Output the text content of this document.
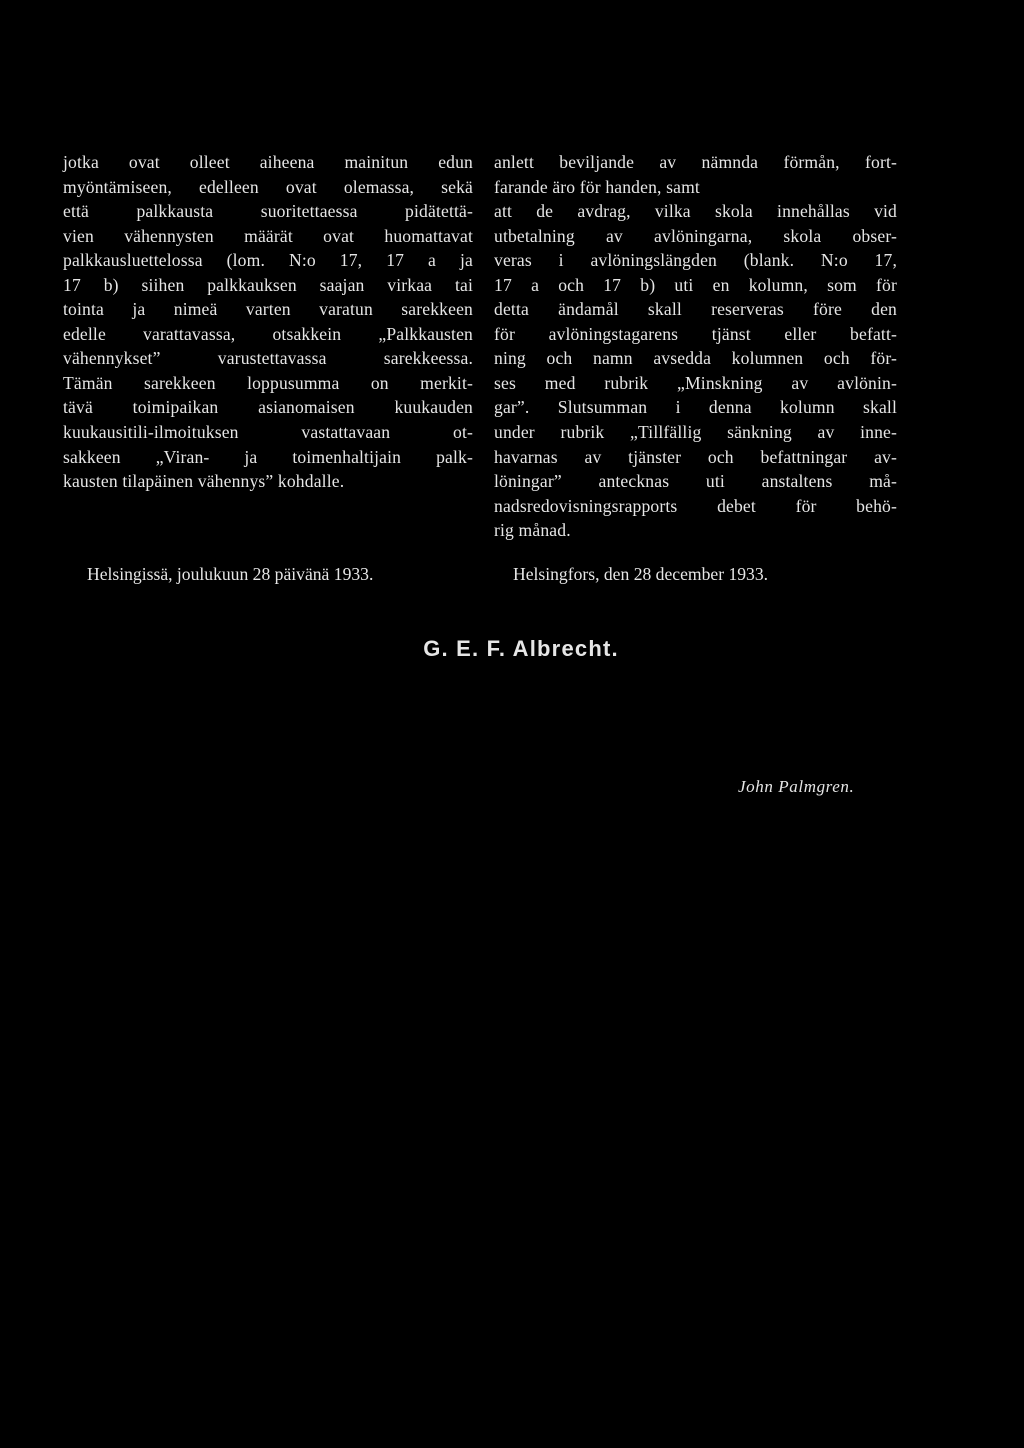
jotka ovat olleet aiheena mainitun edun
myöntämiseen, edelleen ovat olemassa, sekä
että palkkausta suoritettaessa pidätettä-
vien vähennysten määrät ovat huomattavat
palkkausluettelossa (lom. N:o 17, 17 a ja
17 b) siihen palkkauksen saajan virkaa tai
tointa ja nimeä varten varatun sarekkeen
edelle varattavassa, otsakkein „Palkkausten
vähennykset” varustettavassa sarekkeessa.
Tämän sarekkeen loppusumma on merkit-
tävä toimipaikan asianomaisen kuukauden
kuukausitili-ilmoituksen vastattavaan ot-
sakkeen „Viran- ja toimenhaltijain palk-
kausten tilapäinen vähennys” kohdalle.
anlett beviljande av nämnda förmån, fort-
farande äro för handen, samt
att de avdrag, vilka skola innehållas vid
utbetalning av avlöningarna, skola obser-
veras i avlöningslängden (blank. N:o 17,
17 a och 17 b) uti en kolumn, som för
detta ändamål skall reserveras före den
för avlöningstagarens tjänst eller befatt-
ning och namn avsedda kolumnen och för-
ses med rubrik „Minskning av avlönin-
gar”. Slutsumman i denna kolumn skall
under rubrik „Tillfällig sänkning av inne-
havarnas av tjänster och befattningar av-
löningar” antecknas uti anstaltens må-
nadsredovisningsrapports debet för behö-
rig månad.
Helsingissä, joulukuun 28 päivänä 1933.	Helsingfors, den 28 december 1933.
G. E. F. Albrecht.
John Palmgren.
